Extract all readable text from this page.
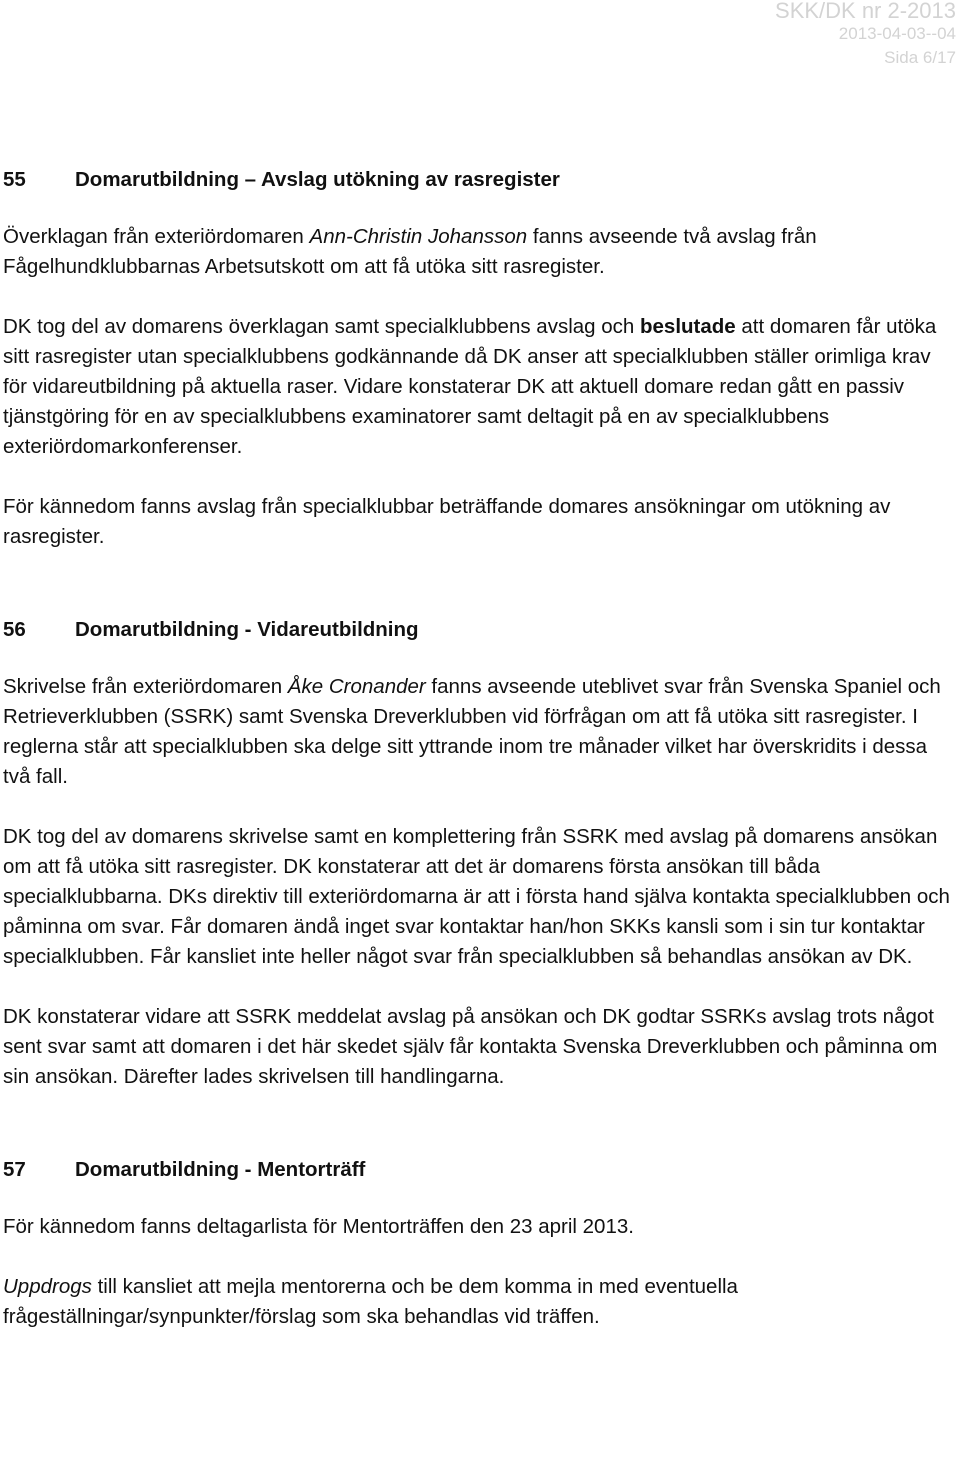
SKK/DK nr 2-2013
2013-04-03--04
Sida 6/17
55	Domarutbildning – Avslag utökning av rasregister

Överklagan från exteriördomaren Ann-Christin Johansson fanns avseende två avslag från Fågelhundklubbarnas Arbetsutskott om att få utöka sitt rasregister.

DK tog del av domarens överklagan samt specialklubbens avslag och beslutade att domaren får utöka sitt rasregister utan specialklubbens godkännande då DK anser att specialklubben ställer orimliga krav för vidareutbildning på aktuella raser. Vidare konstaterar DK att aktuell domare redan gått en passiv tjänstgöring för en av specialklubbens examinatorer samt deltagit på en av specialklubbens exteriördomarkonferenser.

För kännedom fanns avslag från specialklubbar beträffande domares ansökningar om utökning av rasregister.

56	Domarutbildning - Vidareutbildning

Skrivelse från exteriördomaren Åke Cronander fanns avseende uteblivet svar från Svenska Spaniel och Retrieverklubben (SSRK) samt Svenska Dreverklubben vid förfrågan om att få utöka sitt rasregister. I reglerna står att specialklubben ska delge sitt yttrande inom tre månader vilket har överskridits i dessa två fall.

DK tog del av domarens skrivelse samt en komplettering från SSRK med avslag på domarens ansökan om att få utöka sitt rasregister. DK konstaterar att det är domarens första ansökan till båda specialklubbarna. DKs direktiv till exteriördomarna är att i första hand själva kontakta specialklubben och påminna om svar. Får domaren ändå inget svar kontaktar han/hon SKKs kansli som i sin tur kontaktar specialklubben. Får kansliet inte heller något svar från specialklubben så behandlas ansökan av DK.

DK konstaterar vidare att SSRK meddelat avslag på ansökan och DK godtar SSRKs avslag trots något sent svar samt att domaren i det här skedet själv får kontakta Svenska Dreverklubben och påminna om sin ansökan. Därefter lades skrivelsen till handlingarna.

57	Domarutbildning - Mentorträff

För kännedom fanns deltagarlista för Mentorträffen den 23 april 2013.

Uppdrogs till kansliet att mejla mentorerna och be dem komma in med eventuella frågeställningar/synpunkter/förslag som ska behandlas vid träffen.
